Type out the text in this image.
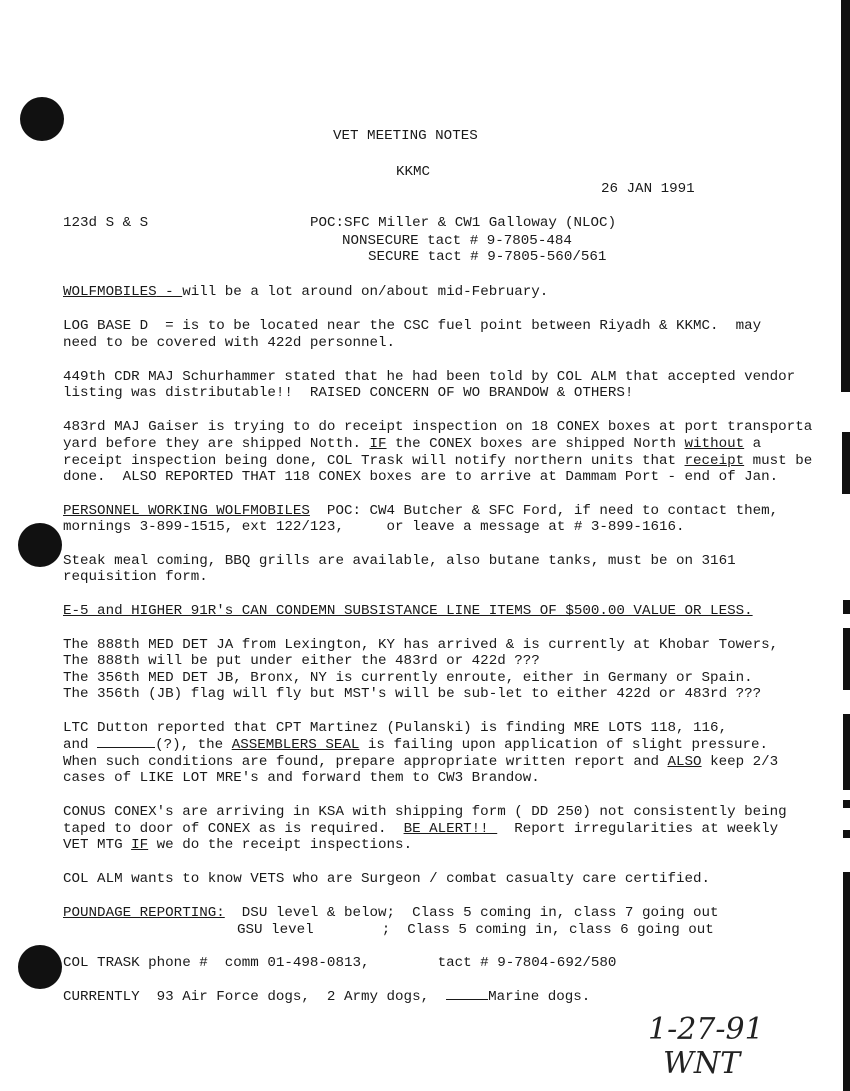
VET MEETING NOTES
KKMC
26 JAN 1991
123d S & S	POC:SFC Miller & CW1 Galloway (NLOC)
NONSECURE tact # 9-7805-484
SECURE tact # 9-7805-560/561
WOLFMOBILES - will be a lot around on/about mid-February.
LOG BASE D  = is to be located near the CSC fuel point between Riyadh & KKMC.  may
need to be covered with 422d personnel.
449th CDR MAJ Schurhammer stated that he had been told by COL ALM that accepted vendor
listing was distributable!!  RAISED CONCERN OF WO BRANDOW & OTHERS!
483rd MAJ Gaiser is trying to do receipt inspection on 18 CONEX boxes at port transporta
yard before they are shipped Notth. IF the CONEX boxes are shipped North without a
receipt inspection being done, COL Trask will notify northern units that receipt must be
done.  ALSO REPORTED THAT 118 CONEX boxes are to arrive at Dammam Port - end of Jan.
PERSONNEL WORKING WOLFMOBILES  POC: CW4 Butcher & SFC Ford, if need to contact them,
mornings 3-899-1515, ext 122/123,     or leave a message at # 3-899-1616.
Steak meal coming, BBQ grills are available, also butane tanks, must be on 3161
requisition form.
E-5 and HIGHER 91R's CAN CONDEMN SUBSISTANCE LINE ITEMS OF $500.00 VALUE OR LESS.
The 888th MED DET JA from Lexington, KY has arrived & is currently at Khobar Towers,
The 888th will be put under either the 483rd or 422d ???
The 356th MED DET JB, Bronx, NY is currently enroute, either in Germany or Spain.
The 356th (JB) flag will fly but MST's will be sub-let to either 422d or 483rd ???
LTC Dutton reported that CPT Martinez (Pulanski) is finding MRE LOTS 118, 116,
and	(?), the ASSEMBLERS SEAL is failing upon application of slight pressure.
When such conditions are found, prepare appropriate written report and ALSO keep 2/3
cases of LIKE LOT MRE's and forward them to CW3 Brandow.
CONUS CONEX's are arriving in KSA with shipping form ( DD 250) not consistently being
taped to door of CONEX as is required.  BE ALERT!!   Report irregularities at weekly
VET MTG IF we do the receipt inspections.
COL ALM wants to know VETS who are Surgeon / combat casualty care certified.
POUNDAGE REPORTING:  DSU level & below;  Class 5 coming in, class 7 going out
GSU level        ;  Class 5 coming in, class 6 going out
COL TRASK phone #  comm 01-498-0813,        tact # 9-7804-692/580
CURRENTLY  93 Air Force dogs,  2 Army dogs,	Marine dogs.
1-27-91
WNT
